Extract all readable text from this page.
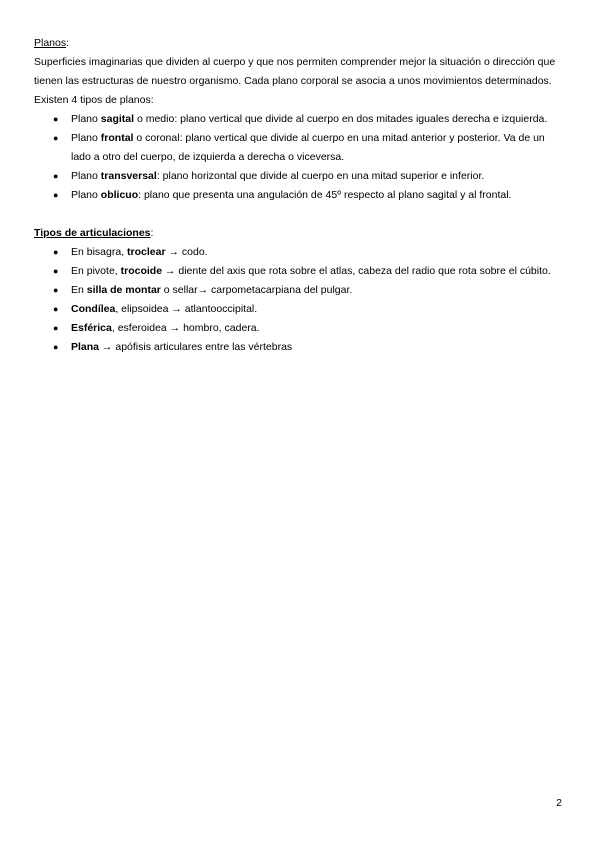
Planos:

Superficies imaginarias que dividen al cuerpo y que nos permiten comprender mejor la situación o dirección que tienen las estructuras de nuestro organismo. Cada plano corporal se asocia a unos movimientos determinados. Existen 4 tipos de planos:

● Plano sagital o medio: plano vertical que divide al cuerpo en dos mitades iguales derecha e izquierda.
● Plano frontal o coronal: plano vertical que divide al cuerpo en una mitad anterior y posterior. Va de un lado a otro del cuerpo, de izquierda a derecha o viceversa.
● Plano transversal: plano horizontal que divide al cuerpo en una mitad superior e inferior.
● Plano oblicuo: plano que presenta una angulación de 45º respecto al plano sagital y al frontal.

Tipos de articulaciones:

● En bisagra, troclear → codo.
● En pivote, trocoide → diente del axis que rota sobre el atlas, cabeza del radio que rota sobre el cúbito.
● En silla de montar o sellar→ carpometacarpiana del pulgar.
● Condílea, elipsoidea → atlantooccipital.
● Esférica, esferoidea → hombro, cadera.
● Plana → apófisis articulares entre las vértebras
2
